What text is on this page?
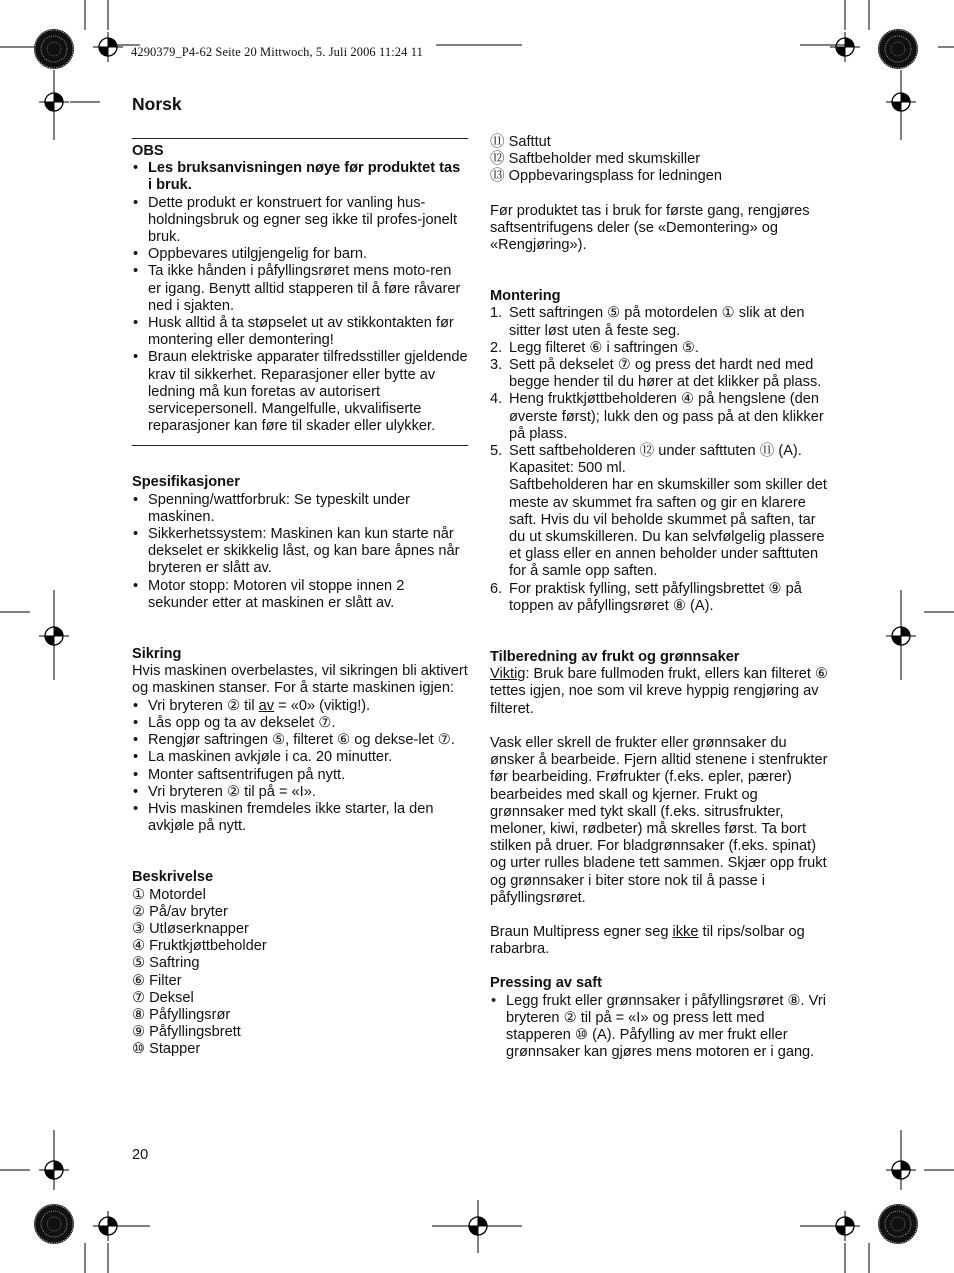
4290379_P4-62 Seite 20 Mittwoch, 5. Juli 2006 11:24 11
Norsk

OBS

• Les bruksanvisningen nøye før produktet tas i bruk.
• Dette produkt er konstruert for vanling hus-holdningsbruk og egner seg ikke til profes-jonelt bruk.
• Oppbevares utilgjengelig for barn.
• Ta ikke hånden i påfyllingsrøret mens moto-ren er igang. Benytt alltid stapperen til å føre råvarer ned i sjakten.
• Husk alltid å ta støpselet ut av stikkontakten før montering eller demontering!
• Braun elektriske apparater tilfredsstiller gjeldende krav til sikkerhet. Reparasjoner eller bytte av ledning må kun foretas av autorisert servicepersonell. Mangelfulle, ukvalifiserte reparasjoner kan føre til skader eller ulykker.

Spesifikasjoner

• Spenning/wattforbruk: Se typeskilt under maskinen.
• Sikkerhetssystem: Maskinen kan kun starte når dekselet er skikkelig låst, og kan bare åpnes når bryteren er slått av.
• Motor stopp: Motoren vil stoppe innen 2 sekunder etter at maskinen er slått av.

Sikring

Hvis maskinen overbelastes, vil sikringen bli aktivert og maskinen stanser. For å starte maskinen igjen:

• Vri bryteren ② til av = «0» (viktig!).
• Lås opp og ta av dekselet ⑦.
• Rengjør saftringen ⑤, filteret ⑥ og dekse-let ⑦.
• La maskinen avkjøle i ca. 20 minutter.
• Monter saftsentrifugen på nytt.
• Vri bryteren ② til på = «I».
• Hvis maskinen fremdeles ikke starter, la den avkjøle på nytt.

Beskrivelse

① Motordel

② På/av bryter

③ Utløserknapper

④ Fruktkjøttbeholder

⑤ Saftring

⑥ Filter

⑦ Deksel

⑧ Påfyllingsrør

⑨ Påfyllingsbrett

⑩ Stapper

⑪ Safttut

⑫ Saftbeholder med skumskiller

⑬ Oppbevaringsplass for ledningen

Før produktet tas i bruk for første gang, rengjøres saftsentrifugens deler (se «Demontering» og «Rengjøring»).

Montering

1. Sett saftringen ⑤ på motordelen ① slik at den sitter løst uten å feste seg.
2. Legg filteret ⑥ i saftringen ⑤.
3. Sett på dekselet ⑦ og press det hardt ned med begge hender til du hører at det klikker på plass.
4. Heng fruktkjøttbeholderen ④ på hengslene (den øverste først); lukk den og pass på at den klikker på plass.
5. Sett saftbeholderen ⑫ under safttuten ⑪ (A). Kapasitet: 500 ml.
Saftbeholderen har en skumskiller som skiller det meste av skummet fra saften og gir en klarere saft. Hvis du vil beholde skummet på saften, tar du ut skumskilleren. Du kan selvfølgelig plassere et glass eller en annen beholder under safttuten for å samle opp saften.
6. For praktisk fylling, sett påfyllingsbrettet ⑨ på toppen av påfyllingsrøret ⑧ (A).

Tilberedning av frukt og grønnsaker

Viktig: Bruk bare fullmoden frukt, ellers kan filteret ⑥ tettes igjen, noe som vil kreve hyppig rengjøring av filteret.

Vask eller skrell de frukter eller grønnsaker du ønsker å bearbeide. Fjern alltid stenene i stenfrukter før bearbeiding. Frøfrukter (f.eks. epler, pærer) bearbeides med skall og kjerner. Frukt og grønnsaker med tykt skall (f.eks. sitrusfrukter, meloner, kiwi, rødbeter) må skrelles først. Ta bort stilken på druer. For bladgrønnsaker (f.eks. spinat) og urter rulles bladene tett sammen. Skjær opp frukt og grønnsaker i biter store nok til å passe i påfyllingsrøret.

Braun Multipress egner seg ikke til rips/solbar og rabarbra.

Pressing av saft

• Legg frukt eller grønnsaker i påfyllingsrøret ⑧. Vri bryteren ② til på = «I» og press lett med stapperen ⑩ (A). Påfylling av mer frukt eller grønnsaker kan gjøres mens motoren er i gang.
20
